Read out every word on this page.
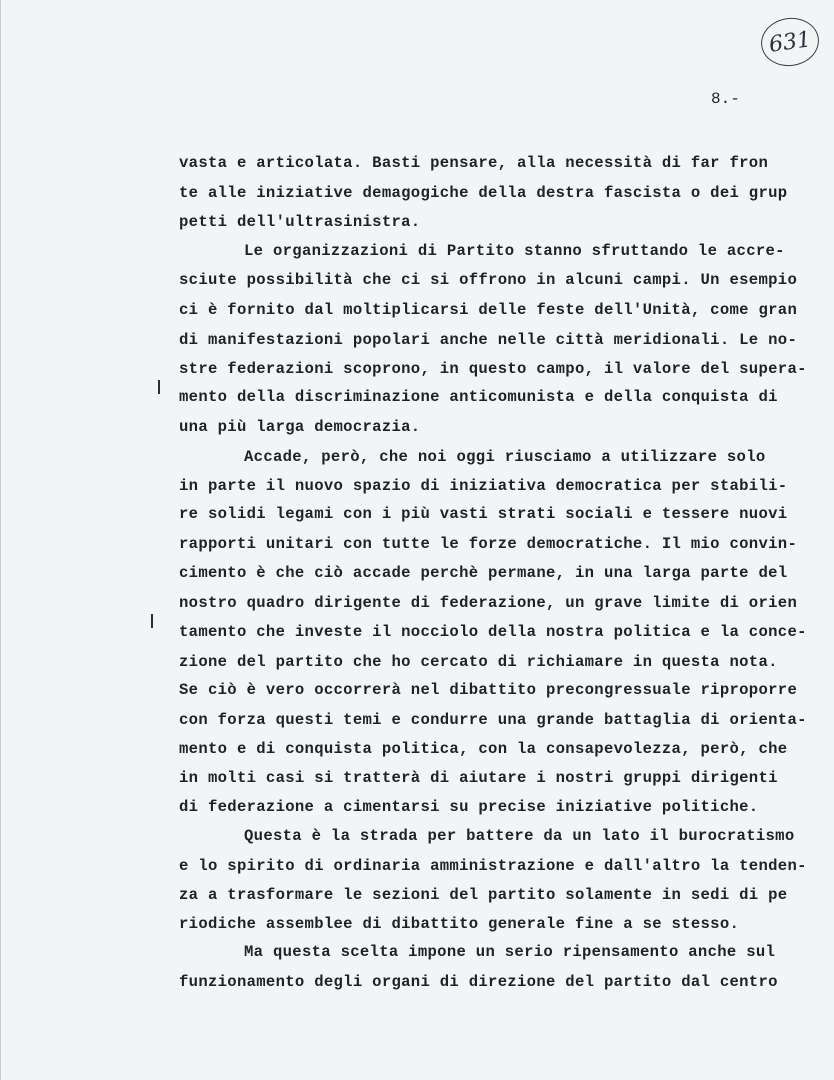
631
8.-
vasta e articolata. Basti pensare, alla necessità di far fron
te alle iniziative demagogiche della destra fascista o dei grup
petti dell'ultrasinistra.
Le organizzazioni di Partito stanno sfruttando le accre-
sciute possibilità che ci si offrono in alcuni campi. Un esempio
ci è fornito dal moltiplicarsi delle feste dell'Unità, come gran
di manifestazioni popolari anche nelle città meridionali. Le no-
stre federazioni scoprono, in questo campo, il valore del supera-
mento della discriminazione anticomunista e della conquista di
una più larga democrazia.
Accade, però, che noi oggi riusciamo a utilizzare solo
in parte il nuovo spazio di iniziativa democratica per stabili-
re solidi legami con i più vasti strati sociali e tessere nuovi
rapporti unitari con tutte le forze democratiche. Il mio convin-
cimento è che ciò accade perchè permane, in una larga parte del
nostro quadro dirigente di federazione, un grave limite di orien
tamento che investe il nocciolo della nostra politica e la conce-
zione del partito che ho cercato di richiamare in questa nota.
Se ciò è vero occorrerà nel dibattito precongressuale riproporre
con forza questi temi e condurre una grande battaglia di orienta-
mento e di conquista politica, con la consapevolezza, però, che
in molti casi si tratterà di aiutare i nostri gruppi dirigenti
di federazione a cimentarsi su precise iniziative politiche.
Questa è la strada per battere da un lato il burocratismo
e lo spirito di ordinaria amministrazione e dall'altro la tenden-
za a trasformare le sezioni del partito solamente in sedi di pe
riodiche assemblee di dibattito generale fine a se stesso.
Ma questa scelta impone un serio ripensamento anche sul
funzionamento degli organi di direzione del partito dal centro
